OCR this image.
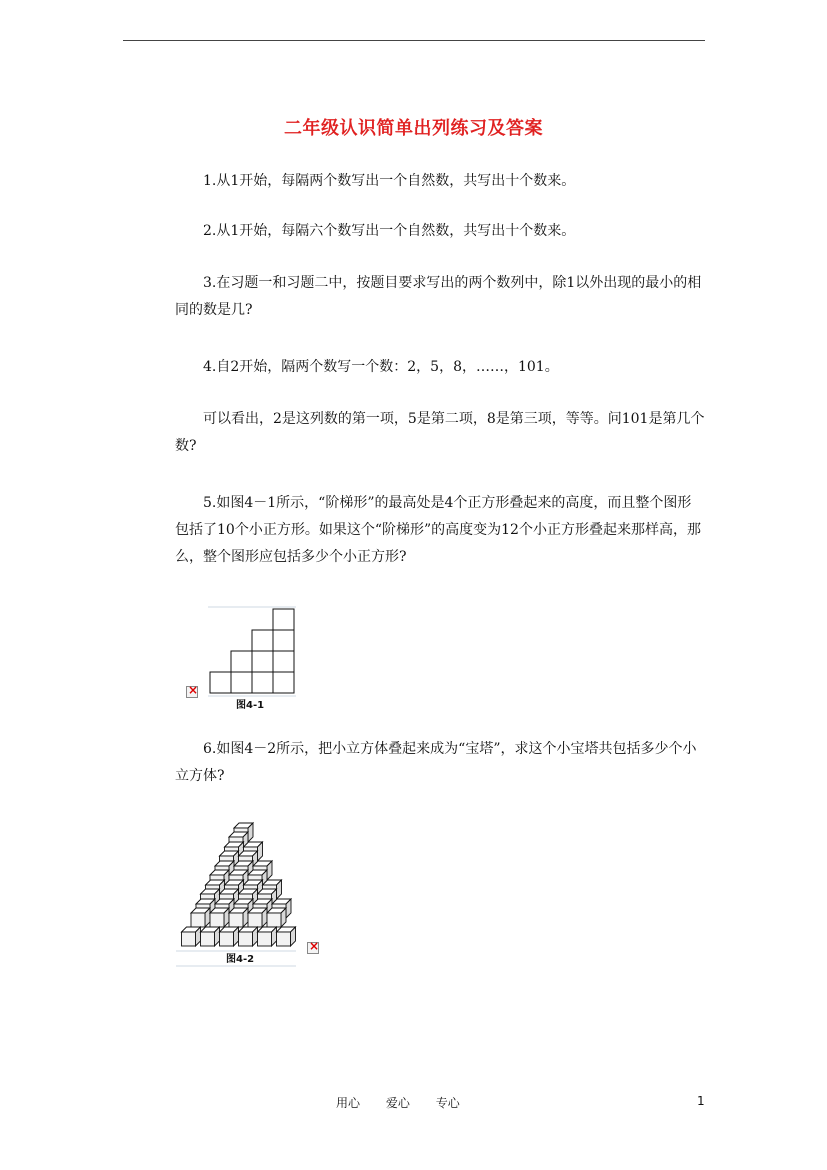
二年级认识简单出列练习及答案

1.从1开始，每隔两个数写出一个自然数，共写出十个数来。

2.从1开始，每隔六个数写出一个自然数，共写出十个数来。

3.在习题一和习题二中，按题目要求写出的两个数列中，除1以外出现的最小的相同的数是几?

4.自2开始，隔两个数写一个数：2，5，8，……，101。

可以看出，2是这列数的第一项，5是第二项，8是第三项，等等。问101是第几个数?

5.如图4－1所示，“阶梯形”的最高处是4个正方形叠起来的高度，而且整个图形包括了10个小正方形。如果这个“阶梯形”的高度变为12个小正方形叠起来那样高，那么，整个图形应包括多少个小正方形?

×
图4-1

6.如图4－2所示，把小立方体叠起来成为“宝塔”，求这个小宝塔共包括多少个小立方体?

图4-2
×
用心 爱心 专心	1
